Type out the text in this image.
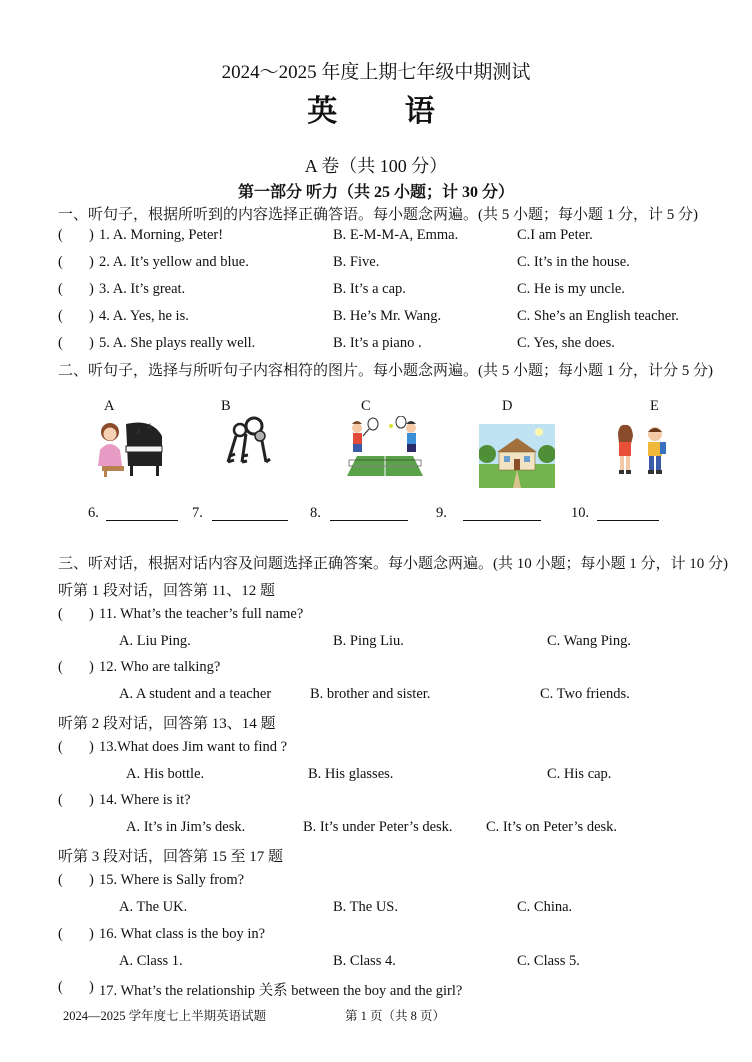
2024～2025 年度上期七年级中期测试
英 语
A 卷（共 100 分）
第一部分 听力（共 25 小题；计 30 分）
一、听句子，根据所听到的内容选择正确答语。每小题念两遍。(共 5 小题；每小题 1 分，计 5 分)
( ) 1. A. Morning, Peter!	B. E-M-M-A, Emma.	C.I am Peter.
( ) 2. A. It’s yellow and blue.	B. Five.	C. It’s in the house.
( ) 3. A. It’s great.	B. It’s a cap.	C. He is my uncle.
( ) 4. A. Yes, he is.	B. He’s Mr. Wang.	C. She’s an English teacher.
( ) 5. A. She plays really well.	B. It’s a piano .	C. Yes, she does.
二、听句子，选择与所听句子内容相符的图片。每小题念两遍。(共 5 小题；每小题 1 分，计分 5 分)
A	B	C	D	E
♪
♫
6.	7.	8.	9.	10.
三、听对话，根据对话内容及问题选择正确答案。每小题念两遍。(共 10 小题；每小题 1 分，计 10 分)
听第 1 段对话，回答第 11、12 题
( ) 11. What’s the teacher’s full name?
A. Liu Ping.	B. Ping Liu.	C. Wang Ping.
( ) 12. Who are talking?
A. A student and a teacher	B. brother and sister.	C. Two friends.
听第 2 段对话，回答第 13、14 题
( ) 13.What does Jim want to find ?
A. His bottle.	B. His glasses.	C. His cap.
( ) 14. Where is it?
A. It’s in Jim’s desk.	B. It’s under Peter’s desk. C. It’s on Peter’s desk.
听第 3 段对话，回答第 15 至 17 题
( ) 15. Where is Sally from?
A. The UK.	B. The US.	C. China.
( ) 16. What class is the boy in?
A. Class 1.	B. Class 4.	C. Class 5.
( ) 17. What’s the relationship 关系 between the boy and the girl?
2024—2025 学年度七上半期英语试题	第 1 页（共 8 页）
